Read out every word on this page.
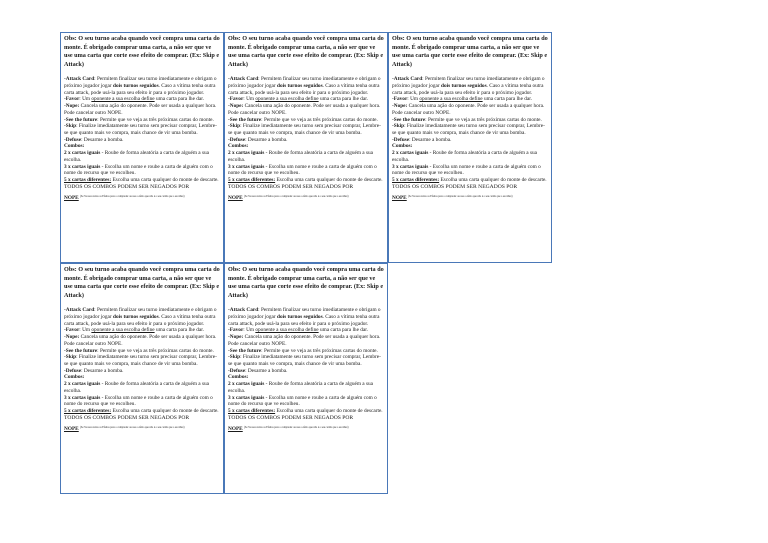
Obs: O seu turno acaba quando você compra uma carta do monte. É obrigado comprar uma carta, a não ser que ve use uma carta que corte esse efeito de comprar. (Ex: Skip e Attack)

-Attack Card: Permitem finalizar seu turno imediatamente e obrigam o próximo jogador jogar dois turnos seguidos. Caso a vítima tenha outra carta attack, pode usá-la para seu efeito ir para o próximo jogador.

-Favor: Um oponente a sua escolha define uma carta para lhe dar.

-Nope: Cancela uma ação do oponente. Pode ser usada a qualquer hora. Pode cancelar outro NOPE.

-See the future: Permite que ve veja as três próximas cartas do monte.

-Skip: Finalize imediatamente seu turno sem precisar comprar, Lembre-se que quanto mais ve compra, mais chance de vir uma bomba.

-Defuse: Desarme a bomba.

Combos:

2 x cartas iguais - Roube de forma aleatória a carta de alguém a sua escolha.

3 x cartas iguais - Escolha um nome e roube a carta de alguém com o nome do recurso que ve escolheu.

5 x cartas diferentes: Escolha uma carta qualquer do monte de descarte.

TODOS OS COMBOS PODEM SER NEGADOS POR

NOPE $^{(Se Ve usou todos os Efeitos para o comprador ou use o efeito que não é o seu cartão que o escolher)}$

Obs: O seu turno acaba quando você compra uma carta do monte. É obrigado comprar uma carta, a não ser que ve use uma carta que corte esse efeito de comprar. (Ex: Skip e Attack)

-Attack Card: Permitem finalizar seu turno imediatamente e obrigam o próximo jogador jogar dois turnos seguidos. Caso a vítima tenha outra carta attack, pode usá-la para seu efeito ir para o próximo jogador.

-Favor: Um oponente a sua escolha define uma carta para lhe dar.

-Nope: Cancela uma ação do oponente. Pode ser usada a qualquer hora. Pode cancelar outro NOPE.

-See the future: Permite que ve veja as três próximas cartas do monte.

-Skip: Finalize imediatamente seu turno sem precisar comprar, Lembre-se que quanto mais ve compra, mais chance de vir uma bomba.

-Defuse: Desarme a bomba.

Combos:

2 x cartas iguais - Roube de forma aleatória a carta de alguém a sua escolha.

3 x cartas iguais - Escolha um nome e roube a carta de alguém com o nome do recurso que ve escolheu.

5 x cartas diferentes: Escolha uma carta qualquer do monte de descarte.

TODOS OS COMBOS PODEM SER NEGADOS POR

NOPE $^{(Se Ve usou todos os Efeitos para o comprador ou use o efeito que não é o seu cartão que o escolher)}$

Obs: O seu turno acaba quando você compra uma carta do monte. É obrigado comprar uma carta, a não ser que ve use uma carta que corte esse efeito de comprar. (Ex: Skip e Attack)

-Attack Card: Permitem finalizar seu turno imediatamente e obrigam o próximo jogador jogar dois turnos seguidos. Caso a vítima tenha outra carta attack, pode usá-la para seu efeito ir para o próximo jogador.

-Favor: Um oponente a sua escolha define uma carta para lhe dar.

-Nope: Cancela uma ação do oponente. Pode ser usada a qualquer hora. Pode cancelar outro NOPE.

-See the future: Permite que ve veja as três próximas cartas do monte.

-Skip: Finalize imediatamente seu turno sem precisar comprar, Lembre-se que quanto mais ve compra, mais chance de vir uma bomba.

-Defuse: Desarme a bomba.

Combos:

2 x cartas iguais - Roube de forma aleatória a carta de alguém a sua escolha.

3 x cartas iguais - Escolha um nome e roube a carta de alguém com o nome do recurso que ve escolheu.

5 x cartas diferentes: Escolha uma carta qualquer do monte de descarte.

TODOS OS COMBOS PODEM SER NEGADOS POR

NOPE $^{(Se Ve usou todos os Efeitos para o comprador ou use o efeito que não é o seu cartão que o escolher)}$

Obs: O seu turno acaba quando você compra uma carta do monte. É obrigado comprar uma carta, a não ser que ve use uma carta que corte esse efeito de comprar. (Ex: Skip e Attack)

-Attack Card: Permitem finalizar seu turno imediatamente e obrigam o próximo jogador jogar dois turnos seguidos. Caso a vítima tenha outra carta attack, pode usá-la para seu efeito ir para o próximo jogador.

-Favor: Um oponente a sua escolha define uma carta para lhe dar.

-Nope: Cancela uma ação do oponente. Pode ser usada a qualquer hora. Pode cancelar outro NOPE.

-See the future: Permite que ve veja as três próximas cartas do monte.

-Skip: Finalize imediatamente seu turno sem precisar comprar, Lembre-se que quanto mais ve compra, mais chance de vir uma bomba.

-Defuse: Desarme a bomba.

Combos:

2 x cartas iguais - Roube de forma aleatória a carta de alguém a sua escolha.

3 x cartas iguais - Escolha um nome e roube a carta de alguém com o nome do recurso que ve escolheu.

5 x cartas diferentes: Escolha uma carta qualquer do monte de descarte.

TODOS OS COMBOS PODEM SER NEGADOS POR

NOPE $^{(Se Ve usou todos os Efeitos para o comprador ou use o efeito que não é o seu cartão que o escolher)}$

Obs: O seu turno acaba quando você compra uma carta do monte. É obrigado comprar uma carta, a não ser que ve use uma carta que corte esse efeito de comprar. (Ex: Skip e Attack)

-Attack Card: Permitem finalizar seu turno imediatamente e obrigam o próximo jogador jogar dois turnos seguidos. Caso a vítima tenha outra carta attack, pode usá-la para seu efeito ir para o próximo jogador.

-Favor: Um oponente a sua escolha define uma carta para lhe dar.

-Nope: Cancela uma ação do oponente. Pode ser usada a qualquer hora. Pode cancelar outro NOPE.

-See the future: Permite que ve veja as três próximas cartas do monte.

-Skip: Finalize imediatamente seu turno sem precisar comprar, Lembre-se que quanto mais ve compra, mais chance de vir uma bomba.

-Defuse: Desarme a bomba.

Combos:

2 x cartas iguais - Roube de forma aleatória a carta de alguém a sua escolha.

3 x cartas iguais - Escolha um nome e roube a carta de alguém com o nome do recurso que ve escolheu.

5 x cartas diferentes: Escolha uma carta qualquer do monte de descarte.

TODOS OS COMBOS PODEM SER NEGADOS POR

NOPE $^{(Se Ve usou todos os Efeitos para o comprador ou use o efeito que não é o seu cartão que o escolher)}$
